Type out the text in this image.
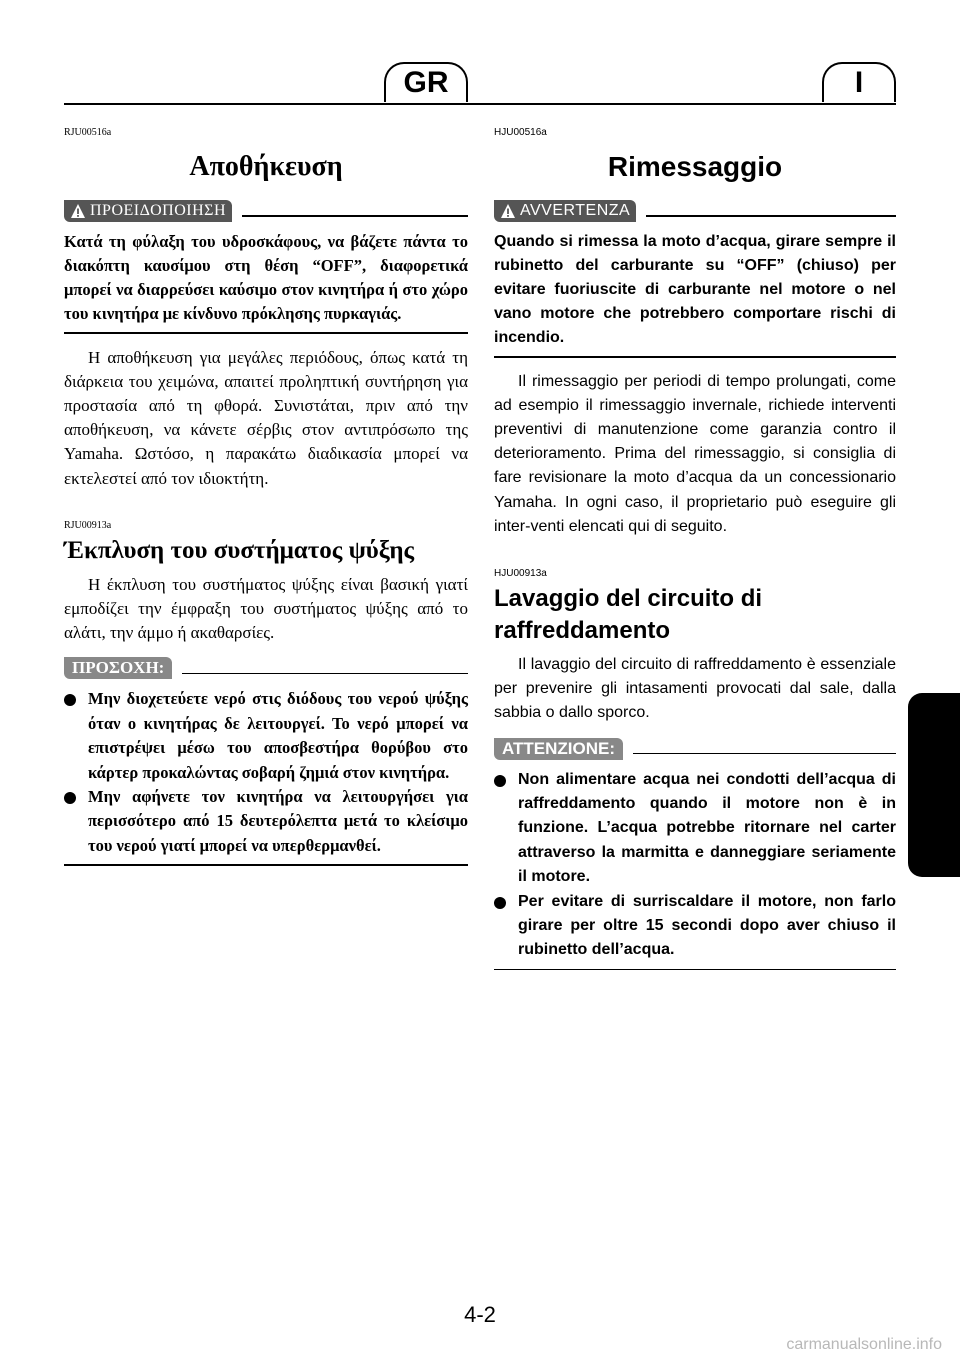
GR	I
RJU00516a
Αποθήκευση
ΠΡΟΕΙΔΟΠΟΙΗΣΗ
Κατά τη φύλαξη του υδροσκάφους, να βάζετε πάντα το διακόπτη καυσίμου στη θέση “OFF”, διαφορετικά μπορεί να διαρρεύσει καύσιμο στον κινητήρα ή στο χώρο του κινητήρα με κίνδυνο πρόκλησης πυρκαγιάς.
Η αποθήκευση για μεγάλες περιόδους, όπως κατά τη διάρκεια του χειμώνα, απαιτεί προληπτική συντήρηση για προστασία από τη φθορά. Συνιστάται, πριν από την αποθήκευση, να κάνετε σέρβις στον αντιπρόσωπο της Yamaha. Ωστόσο, η παρακάτω διαδικασία μπορεί να εκτελεστεί από τον ιδιοκτήτη.
RJU00913a
Έκπλυση του συστήματος ψύξης
Η έκπλυση του συστήματος ψύξης είναι βασική γιατί εμποδίζει την έμφραξη του συστήματος ψύξης από το αλάτι, την άμμο ή ακαθαρσίες.
ΠΡΟΣΟΧΗ:
Μην διοχετεύετε νερό στις διόδους του νερού ψύξης όταν ο κινητήρας δε λειτουργεί. Το νερό μπορεί να επιστρέψει μέσω του αποσβεστήρα θορύβου στο κάρτερ προκαλώντας σοβαρή ζημιά στον κινητήρα.
Μην αφήνετε τον κινητήρα να λειτουργήσει για περισσότερο από 15 δευτερόλεπτα μετά το κλείσιμο του νερού γιατί μπορεί να υπερθερμανθεί.
HJU00516a
Rimessaggio
AVVERTENZA
Quando si rimessa la moto d’acqua, girare sempre il rubinetto del carburante su “OFF” (chiuso) per evitare fuoriuscite di carburante nel motore o nel vano motore che potrebbero comportare rischi di incendio.
Il rimessaggio per periodi di tempo prolungati, come ad esempio il rimessaggio invernale, richiede interventi preventivi di manutenzione come garanzia contro il deterioramento. Prima del rimessaggio, si consiglia di fare revisionare la moto d’acqua da un concessionario Yamaha. In ogni caso, il proprietario può eseguire gli inter-venti elencati qui di seguito.
HJU00913a
Lavaggio del circuito di raffreddamento
Il lavaggio del circuito di raffreddamento è essenziale per prevenire gli intasamenti provocati dal sale, dalla sabbia o dallo sporco.
ATTENZIONE:
Non alimentare acqua nei condotti dell’acqua di raffreddamento quando il motore non è in funzione. L’acqua potrebbe ritornare nel carter attraverso la marmitta e danneggiare seriamente il motore.
Per evitare di surriscaldare il motore, non farlo girare per oltre 15 secondi dopo aver chiuso il rubinetto dell’acqua.
4-2
carmanualsonline.info
